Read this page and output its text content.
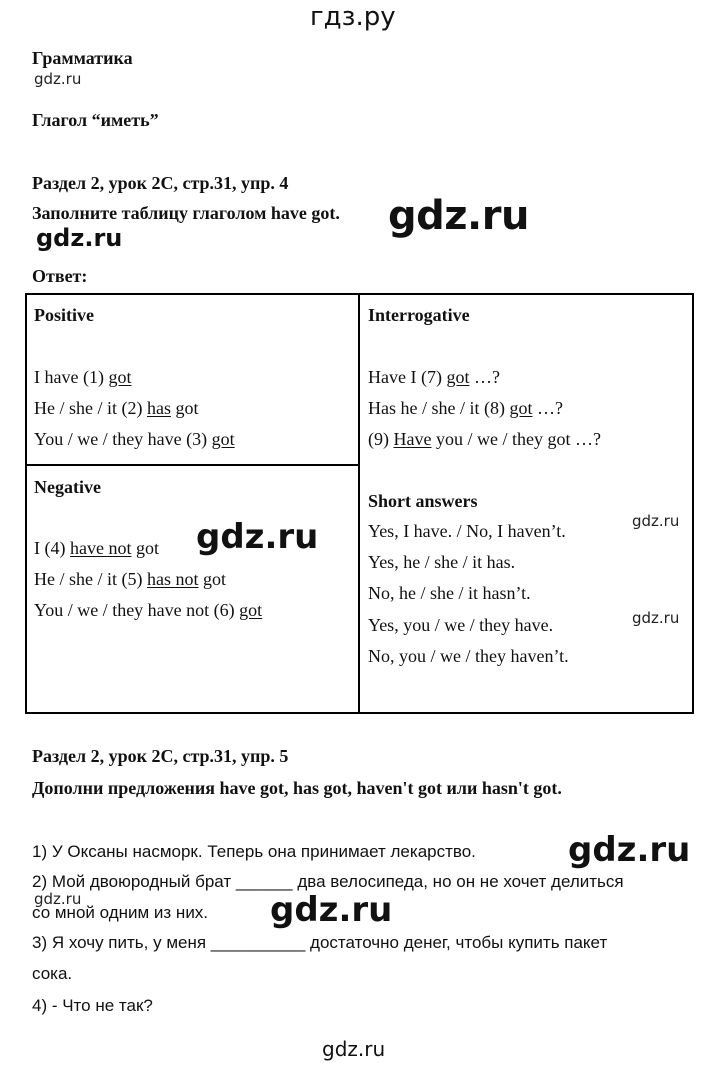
гдз.ру
Грамматика
gdz.ru
Глагол “иметь”
Раздел 2, урок 2C, стр.31, упр. 4
Заполните таблицу глаголом have got. gdz.ru
gdz.ru
Ответ:
Positive
I have (1) got
He / she / it (2) has got
You / we / they have (3) got
Negative
I (4) have not got
He / she / it (5) has not got
You / we / they have not (6) got
gdz.ru
Interrogative
Have I (7) got …?
Has he / she / it (8) got …?
(9) Have you / we / they got …?
Short answers
Yes, I have. / No, I haven’t.
Yes, he / she / it has.
No, he / she / it hasn’t.
Yes, you / we / they have.
No, you / we / they haven’t.
gdz.ru
gdz.ru
Раздел 2, урок 2C, стр.31, упр. 5
Дополни предложения have got, has got, haven't got или hasn't got.
1) У Оксаны насморк. Теперь она принимает лекарство.	gdz.ru
2) Мой двоюродный брат ______ два велосипеда, но он не хочет делиться
со мной одним из них.
gdz.ru	gdz.ru
3) Я хочу пить, у меня __________ достаточно денег, чтобы купить пакет
сока.
4) - Что не так?
gdz.ru
